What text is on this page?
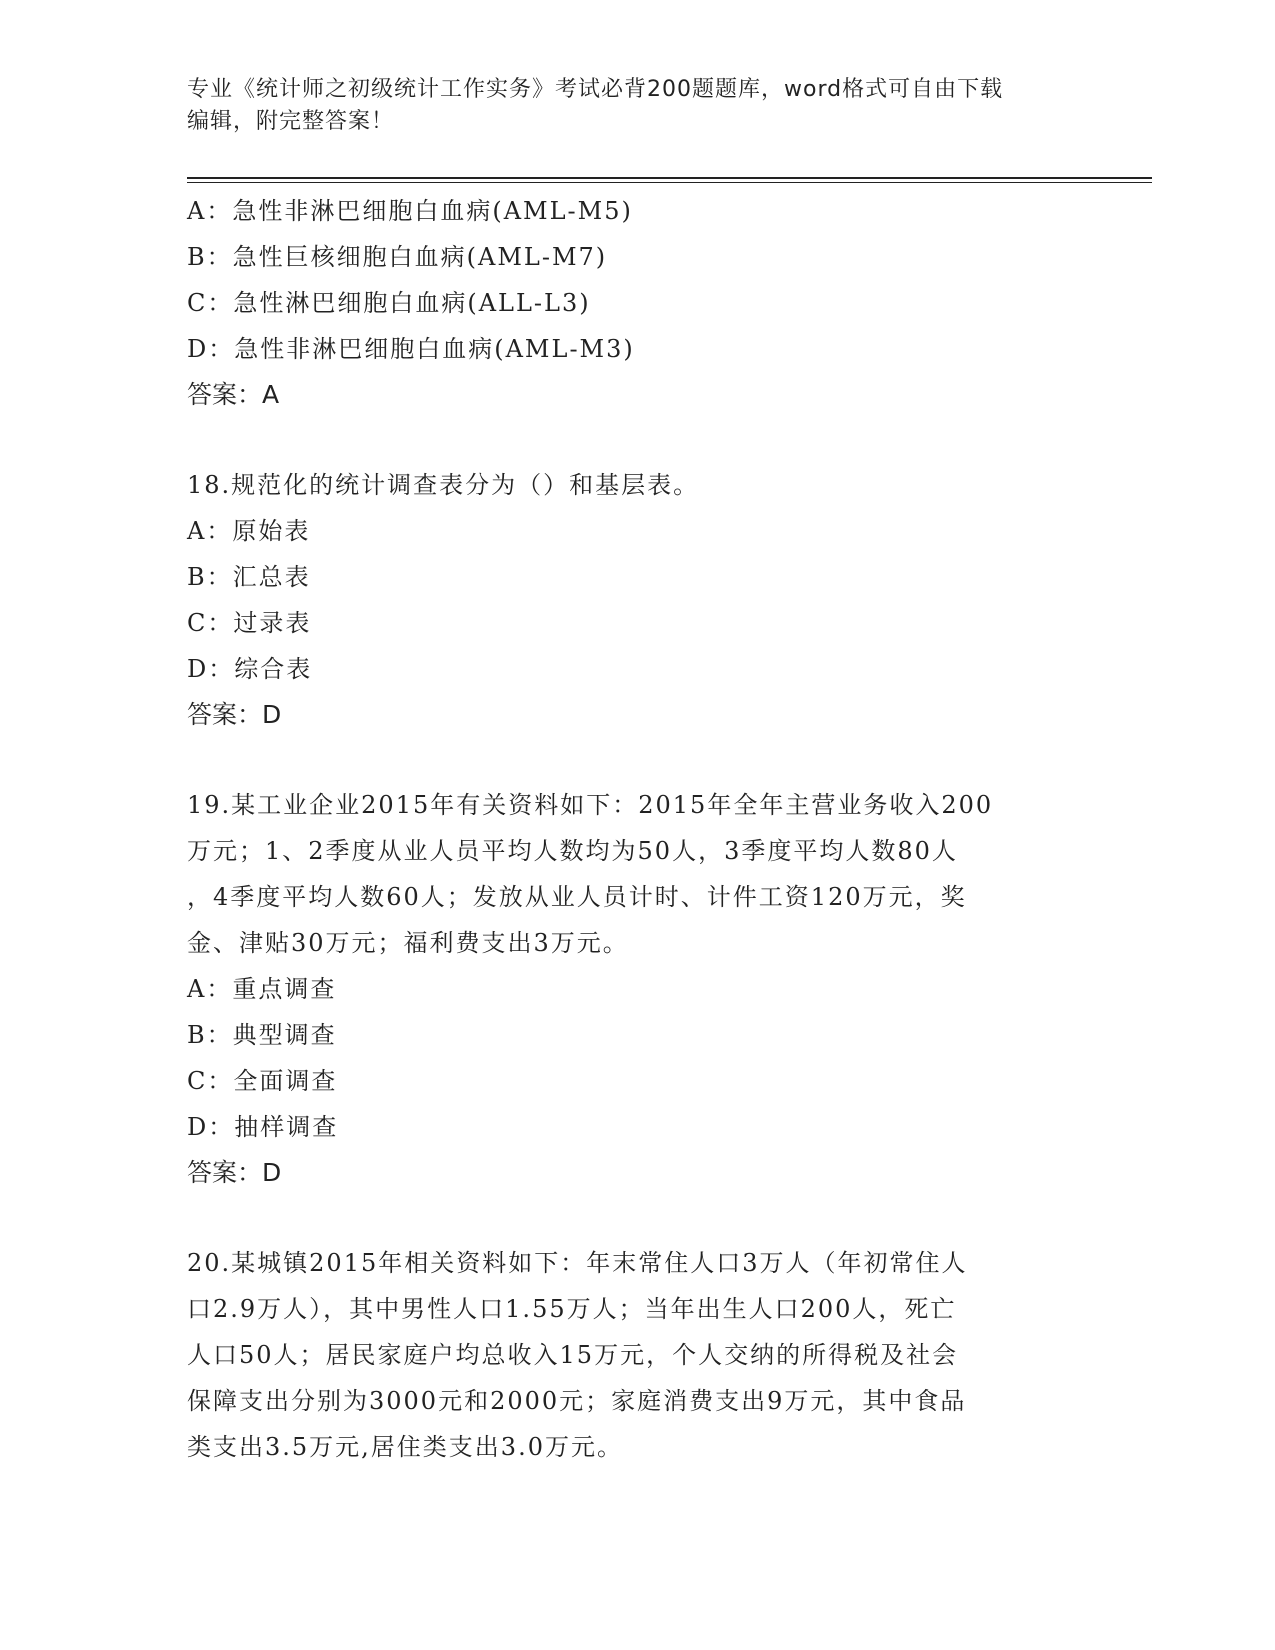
专业《统计师之初级统计工作实务》考试必背200题题库，word格式可自由下载
编辑，附完整答案！
A：急性非淋巴细胞白血病(AML-M5)
B：急性巨核细胞白血病(AML-M7)
C：急性淋巴细胞白血病(ALL-L3)
D：急性非淋巴细胞白血病(AML-M3)
答案：A
18.规范化的统计调查表分为（）和基层表。
A：原始表
B：汇总表
C：过录表
D：综合表
答案：D
19.某工业企业2015年有关资料如下：2015年全年主营业务收入200
万元；1、2季度从业人员平均人数均为50人，3季度平均人数80人
，4季度平均人数60人；发放从业人员计时、计件工资120万元，奖
金、津贴30万元；福利费支出3万元。
A：重点调查
B：典型调查
C：全面调查
D：抽样调查
答案：D
20.某城镇2015年相关资料如下：年末常住人口3万人（年初常住人
口2.9万人），其中男性人口1.55万人；当年出生人口200人，死亡
人口50人；居民家庭户均总收入15万元，个人交纳的所得税及社会
保障支出分别为3000元和2000元；家庭消费支出9万元，其中食品
类支出3.5万元,居住类支出3.0万元。
